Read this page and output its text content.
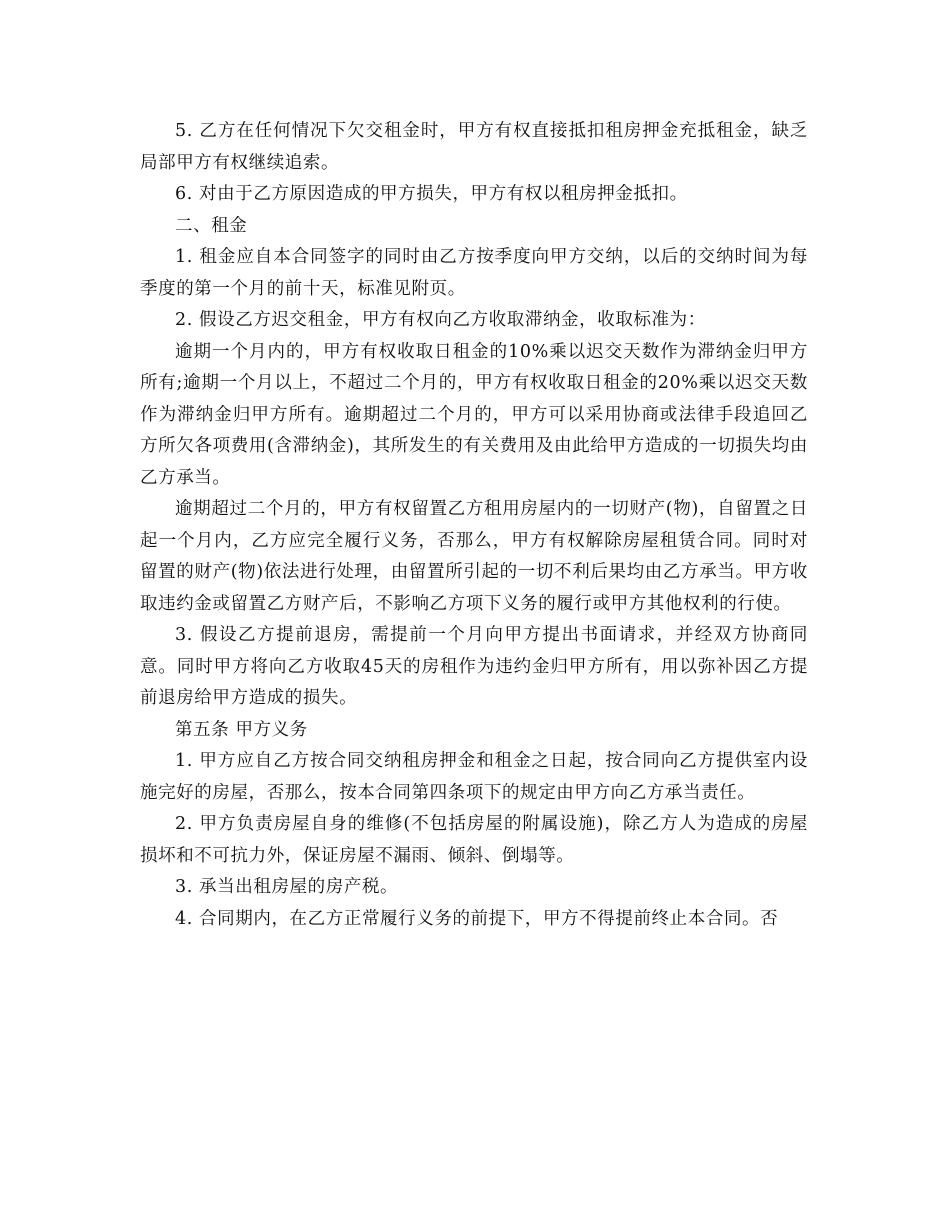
5. 乙方在任何情况下欠交租金时，甲方有权直接抵扣租房押金充抵租金，缺乏局部甲方有权继续追索。

6. 对由于乙方原因造成的甲方损失，甲方有权以租房押金抵扣。

二、租金

1. 租金应自本合同签字的同时由乙方按季度向甲方交纳，以后的交纳时间为每季度的第一个月的前十天，标准见附页。

2. 假设乙方迟交租金，甲方有权向乙方收取滞纳金，收取标准为：

逾期一个月内的，甲方有权收取日租金的10%乘以迟交天数作为滞纳金归甲方所有;逾期一个月以上，不超过二个月的，甲方有权收取日租金的20%乘以迟交天数作为滞纳金归甲方所有。逾期超过二个月的，甲方可以采用协商或法律手段追回乙方所欠各项费用(含滞纳金)，其所发生的有关费用及由此给甲方造成的一切损失均由乙方承当。

逾期超过二个月的，甲方有权留置乙方租用房屋内的一切财产(物)，自留置之日起一个月内，乙方应完全履行义务，否那么，甲方有权解除房屋租赁合同。同时对留置的财产(物)依法进行处理，由留置所引起的一切不利后果均由乙方承当。甲方收取违约金或留置乙方财产后，不影响乙方项下义务的履行或甲方其他权利的行使。

3. 假设乙方提前退房，需提前一个月向甲方提出书面请求，并经双方协商同意。同时甲方将向乙方收取45天的房租作为违约金归甲方所有，用以弥补因乙方提前退房给甲方造成的损失。

第五条 甲方义务

1. 甲方应自乙方按合同交纳租房押金和租金之日起，按合同向乙方提供室内设施完好的房屋，否那么，按本合同第四条项下的规定由甲方向乙方承当责任。

2. 甲方负责房屋自身的维修(不包括房屋的附属设施)，除乙方人为造成的房屋损坏和不可抗力外，保证房屋不漏雨、倾斜、倒塌等。

3. 承当出租房屋的房产税。

4. 合同期内，在乙方正常履行义务的前提下，甲方不得提前终止本合同。否
